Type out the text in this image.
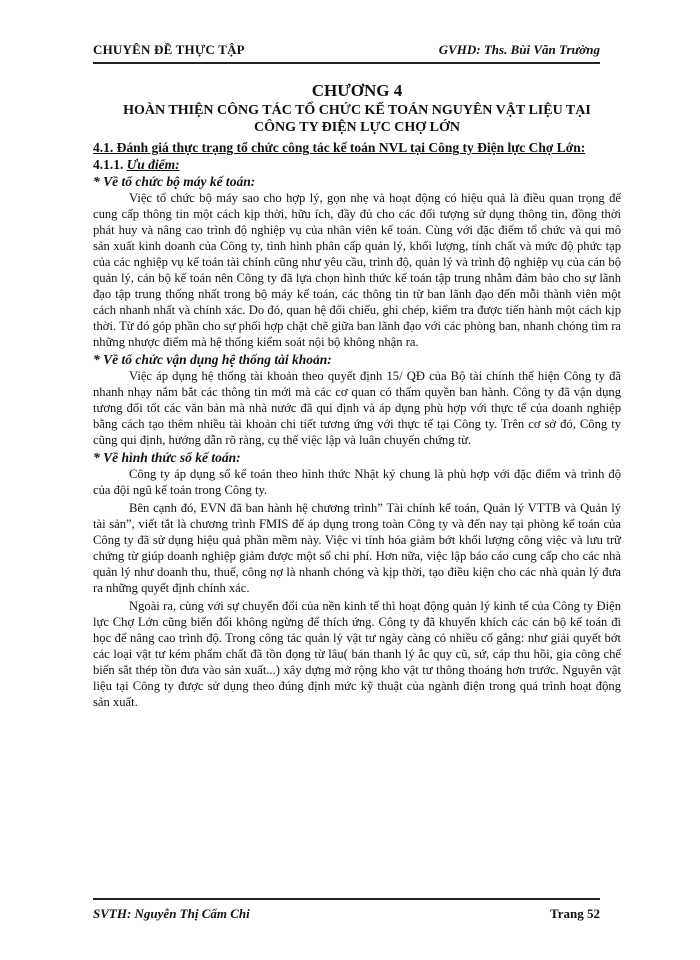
CHUYÊN ĐỀ THỰC TẬP	GVHD: Ths. Bùi Văn Trường

CHƯƠNG 4

HOÀN THIỆN CÔNG TÁC TỔ CHỨC KẾ TOÁN NGUYÊN VẬT LIỆU TẠI

CÔNG TY ĐIỆN LỰC CHỢ LỚN

4.1. Đánh giá thực trạng tổ chức công tác kế toán NVL tại Công ty Điện lực Chợ Lớn:

4.1.1. Ưu điểm:

* Về tổ chức bộ máy kế toán:

Việc tổ chức bộ máy sao cho hợp lý, gọn nhẹ và hoạt động có hiệu quả là điều quan trọng để cung cấp thông tin một cách kịp thời, hữu ích, đầy đủ cho các đối tượng sử dụng thông tin, đồng thời phát huy và nâng cao trình độ nghiệp vụ của nhân viên kế toán. Cùng với đặc điểm tổ chức và qui mô sản xuất kinh doanh của Công ty, tình hình phân cấp quản lý, khối lượng, tính chất và mức độ phức tạp của các nghiệp vụ kế toán tài chính cũng như yêu cầu, trình độ, quản lý và trình độ nghiệp vụ của cán bộ quản lý, cán bộ kế toán nên Công ty đã lựa chọn hình thức kế toán tập trung nhằm đảm bảo cho sự lãnh đạo tập trung thống nhất trong bộ máy kế toán, các thông tin từ ban lãnh đạo đến mỗi thành viên một cách nhanh nhất và chính xác. Do đó, quan hệ đối chiếu, ghi chép, kiểm tra được tiến hành một cách kịp thời. Từ đó góp phần cho sự phối hợp chặt chẽ giữa ban lãnh đạo với các phòng ban, nhanh chóng tìm ra những nhược điểm mà hệ thống kiểm soát nội bộ không nhận ra.

* Về tổ chức vận dụng hệ thống tài khoản:

Việc áp dụng hệ thống tài khoản theo quyết định 15/ QĐ của Bộ tài chính thể hiện Công ty đã nhanh nhạy nắm bắt các thông tin mới mà các cơ quan có thẩm quyền ban hành. Công ty đã vận dụng tương đối tốt các văn bản mà nhà nước đã qui định và áp dụng phù hợp với thực tế của doanh nghiệp bằng cách tạo thêm nhiều tài khoản chi tiết tương ứng với thực tế tại Công ty. Trên cơ sở đó, Công ty cũng qui định, hướng dẫn rõ ràng, cụ thể việc lập và luân chuyển chứng từ.

* Về hình thức sổ kế toán:

Công ty áp dụng sổ kế toán theo hình thức Nhật ký chung là phù hợp với đặc điểm và trình độ của đội ngũ kế toán trong Công ty.

Bên cạnh đó, EVN đã ban hành hệ chương trình” Tài chính kế toán, Quản lý VTTB và Quản lý tài sản”, viết tắt là chương trình FMIS để áp dụng trong toàn Công ty và đến nay tại phòng kế toán của Công ty đã sử dụng hiệu quả phần mềm này. Việc vi tính hóa giảm bớt khối lượng công việc và lưu trữ chứng từ giúp doanh nghiệp giảm được một số chi phí. Hơn nữa, việc lập báo cáo cung cấp cho các nhà quản lý như doanh thu, thuế, công nợ là nhanh chóng và kịp thời, tạo điều kiện cho các nhà quản lý đưa ra những quyết định chính xác.

Ngoài ra, cùng với sự chuyển đổi của nền kinh tế thì hoạt động quản lý kinh tế của Công ty Điện lực Chợ Lớn cũng biến đổi không ngừng để thích ứng. Công ty đã khuyến khích các cán bộ kế toán đi học để nâng cao trình độ. Trong công tác quản lý vật tư ngày càng có nhiều cố gắng: như giải quyết bớt các loại vật tư kém phẩm chất đã tồn đọng từ lâu( bán thanh lý ắc quy cũ, sứ, cáp thu hồi, gia công chế biến sắt thép tồn đưa vào sản xuất...) xây dựng mở rộng kho vật tư thông thoáng hơn trước. Nguyên vật liệu tại Công ty được sử dụng theo đúng định mức kỹ thuật của ngành điện trong quá trình hoạt động sản xuất.

SVTH: Nguyễn Thị Cẩm Chi	Trang 52
